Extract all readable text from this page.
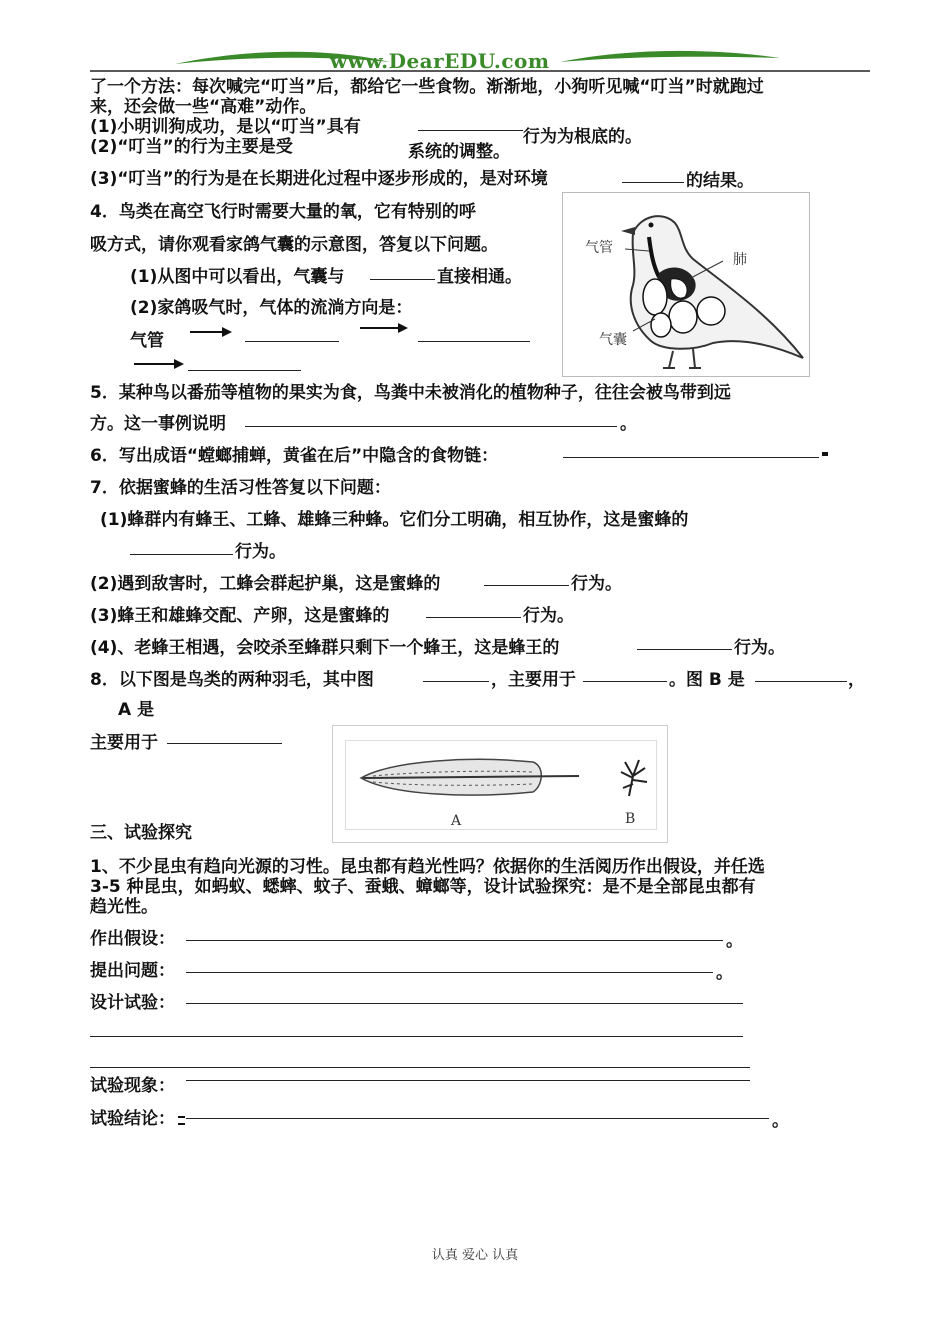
www.DearEDU.com
了一个方法：每次喊完“叮当”后，都给它一些食物。渐渐地，小狗听见喊“叮当”时就跑过
来，还会做一些“高难”动作。
(1)小明训狗成功，是以“叮当”具有	行为为根底的。
(2)“叮当”的行为主要是受	系统的调整。
(3)“叮当”的行为是在长期进化过程中逐步形成的，是对环境	的结果。
4．鸟类在高空飞行时需要大量的氧，它有特别的呼
吸方式，请你观看家鸽气囊的示意图，答复以下问题。
(1)从图中可以看出，气囊与	直接相通。
(2)家鸽吸气时，气体的流淌方向是：
气管
气管
肺
气囊
5．某种鸟以番茄等植物的果实为食，鸟粪中未被消化的植物种子，往往会被鸟带到远
方。这一事例说明	。
6．写出成语“螳螂捕蝉，黄雀在后”中隐含的食物链：
7．依据蜜蜂的生活习性答复以下问题：
(1)蜂群内有蜂王、工蜂、雄蜂三种蜂。它们分工明确，相互协作，这是蜜蜂的
行为。
(2)遇到敌害时，工蜂会群起护巢，这是蜜蜂的	行为。
(3)蜂王和雄蜂交配、产卵，这是蜜蜂的	行为。
(4)、老蜂王相遇，会咬杀至蜂群只剩下一个蜂王，这是蜂王的	行为。
8．以下图是鸟类的两种羽毛，其中图	，主要用于	。图 B 是	，
A 是
主要用于
A	B
三、试验探究
1、不少昆虫有趋向光源的习性。昆虫都有趋光性吗？依据你的生活阅历作出假设，并任选
3-5 种昆虫，如蚂蚁、蟋蟀、蚊子、蚕蛾、蟑螂等，设计试验探究：是不是全部昆虫都有
趋光性。
作出假设：	。
提出问题：	。
设计试验：
试验现象：
试验结论：	。
认真 爱心 认真
